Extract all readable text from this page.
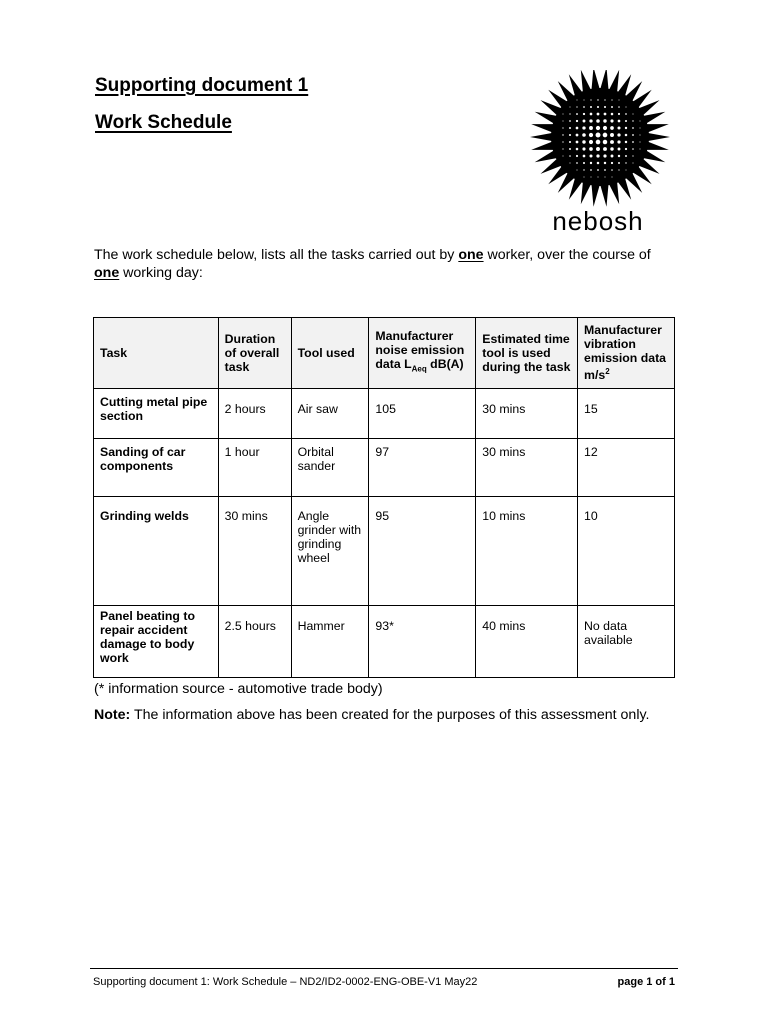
Supporting document 1
Work Schedule
nebosh
The work schedule below, lists all the tasks carried out by one worker, over the course of
one working day:
Task	Duration of overall task	Tool used	Manufacturer noise emission data $L_{Aeq}$ dB(A)	Estimated time tool is used during the task	Manufacturer vibration emission data $m/s^2$
Cutting metal pipe section	2 hours	Air saw	105	30 mins	15
Sanding of car components	1 hour	Orbital sander	97	30 mins	12
Grinding welds	30 mins	Angle grinder with grinding wheel	95	10 mins	10
Panel beating to repair accident damage to body work	2.5 hours	Hammer	93*	40 mins	No data available
(* information source - automotive trade body)
Note: The information above has been created for the purposes of this assessment only.
Supporting document 1: Work Schedule – ND2/ID2-0002-ENG-OBE-V1 May22	page 1 of 1
